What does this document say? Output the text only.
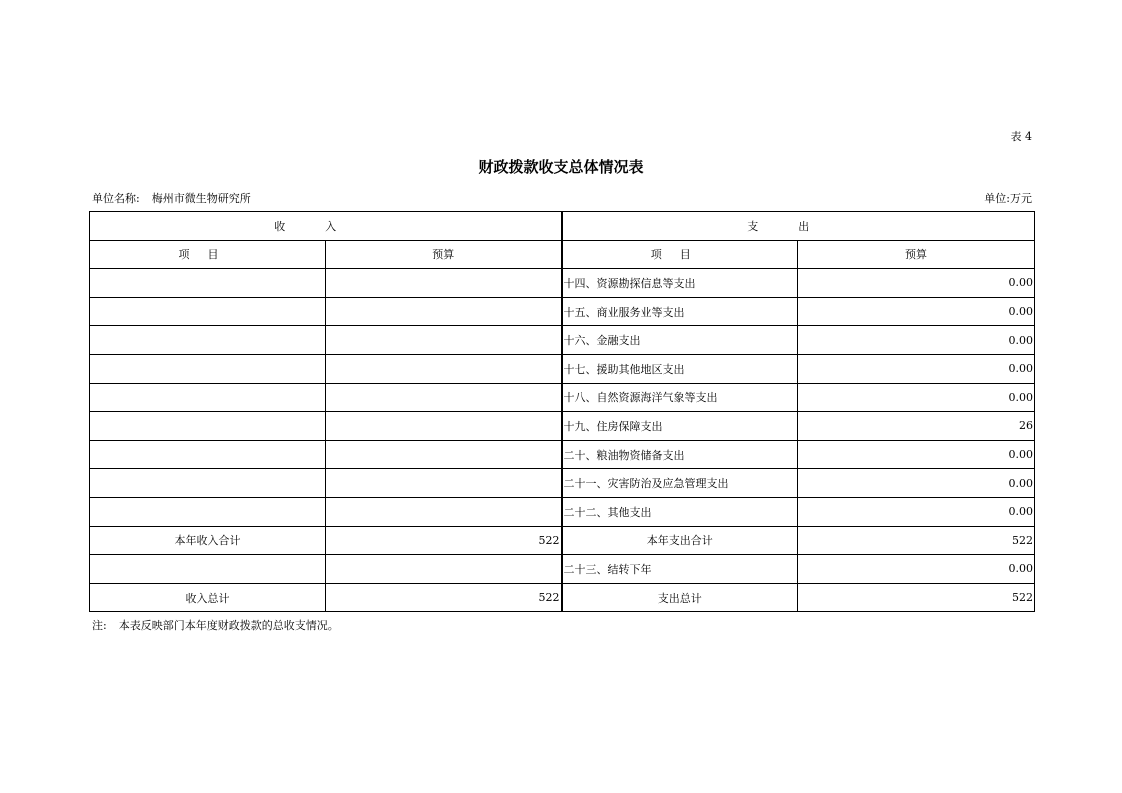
表 4
财政拨款收支总体情况表
单位名称: 梅州市微生物研究所	单位:万元
收入		支出	
项目	预算	项目	预算
		十四、资源勘探信息等支出	0.00
		十五、商业服务业等支出	0.00
		十六、金融支出	0.00
		十七、援助其他地区支出	0.00
		十八、自然资源海洋气象等支出	0.00
		十九、住房保障支出	26
		二十、粮油物资储备支出	0.00
		二十一、灾害防治及应急管理支出	0.00
		二十二、其他支出	0.00
本年收入合计	522	本年支出合计	522
		二十三、结转下年	0.00
收入总计	522	支出总计	522
注: 本表反映部门本年度财政拨款的总收支情况。
